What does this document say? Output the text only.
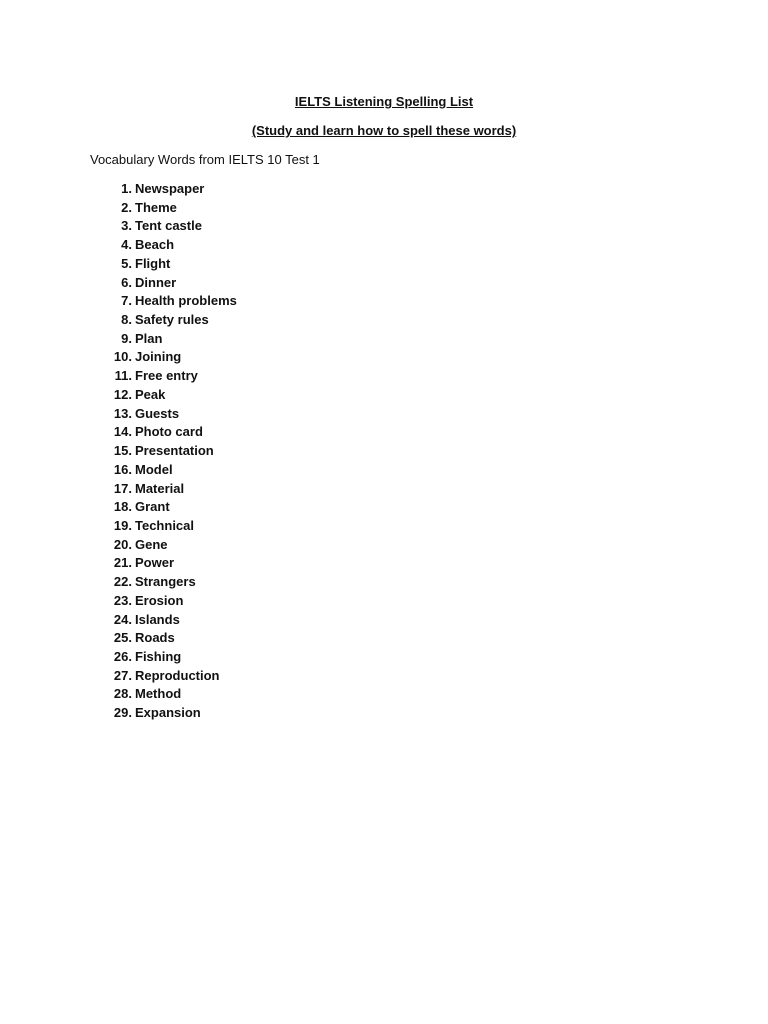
IELTS Listening Spelling List
(Study and learn how to spell these words)
Vocabulary Words from IELTS 10 Test 1
1. Newspaper
2. Theme
3. Tent castle
4. Beach
5. Flight
6. Dinner
7. Health problems
8. Safety rules
9. Plan
10. Joining
11. Free entry
12. Peak
13. Guests
14. Photo card
15. Presentation
16. Model
17. Material
18. Grant
19. Technical
20. Gene
21. Power
22. Strangers
23. Erosion
24. Islands
25. Roads
26. Fishing
27. Reproduction
28. Method
29. Expansion
